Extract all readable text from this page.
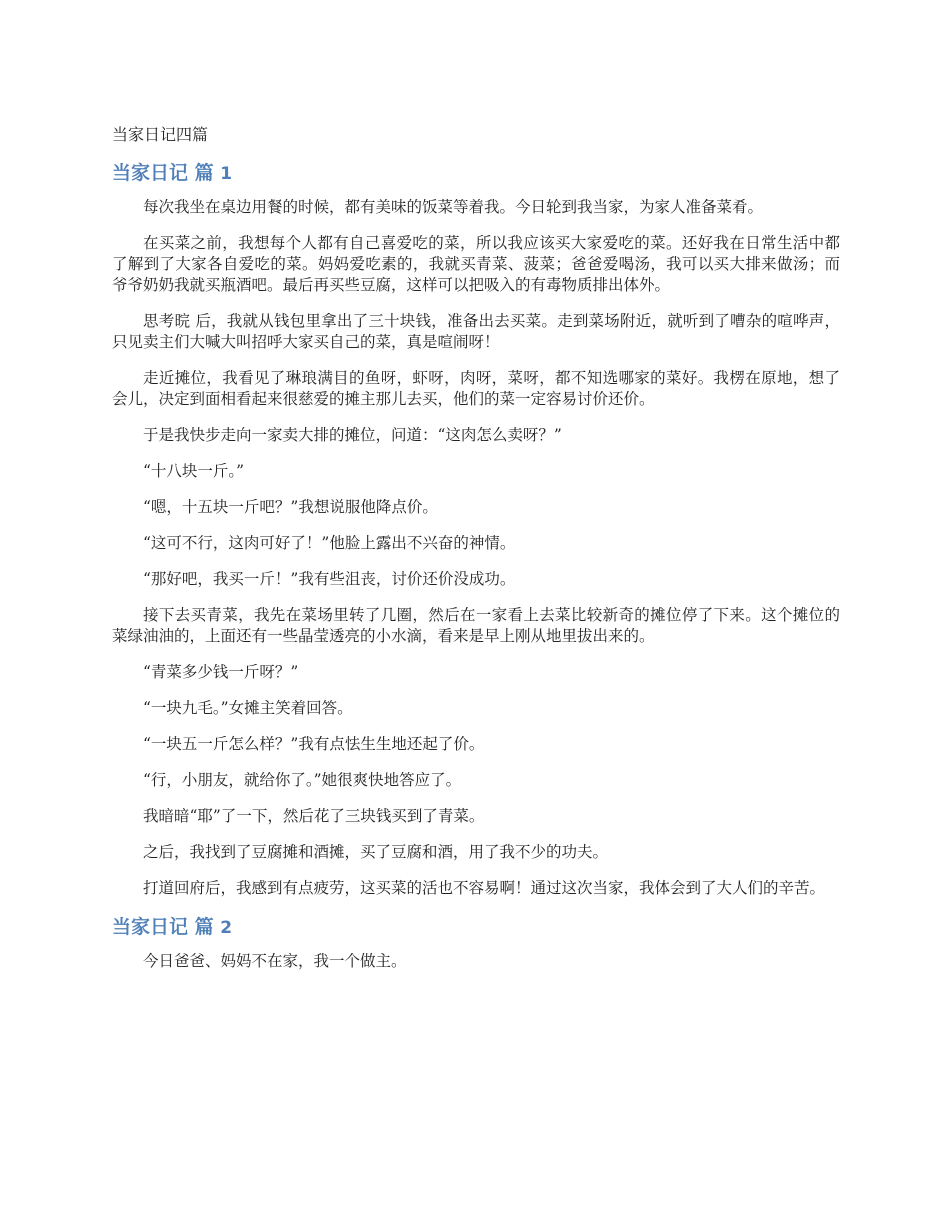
当家日记四篇
当家日记 篇 1

每次我坐在桌边用餐的时候，都有美味的饭菜等着我。今日轮到我当家，为家人准备菜肴。

在买菜之前，我想每个人都有自己喜爱吃的菜，所以我应该买大家爱吃的菜。还好我在日常生活中都了解到了大家各自爱吃的菜。妈妈爱吃素的，我就买青菜、菠菜；爸爸爱喝汤，我可以买大排来做汤；而爷爷奶奶我就买瓶酒吧。最后再买些豆腐，这样可以把吸入的有毒物质排出体外。

思考晥 后，我就从钱包里拿出了三十块钱，准备出去买菜。走到菜场附近，就听到了嘈杂的喧哗声，只见卖主们大喊大叫招呼大家买自己的菜，真是喧闹呀！

走近摊位，我看见了琳琅满目的鱼呀，虾呀，肉呀，菜呀，都不知选哪家的菜好。我楞在原地，想了会儿，决定到面相看起来很慈爱的摊主那儿去买，他们的菜一定容易讨价还价。

于是我快步走向一家卖大排的摊位，问道：“这肉怎么卖呀？”

“十八块一斤。”

“嗯，十五块一斤吧？”我想说服他降点价。

“这可不行，这肉可好了！”他脸上露出不兴奋的神情。

“那好吧，我买一斤！”我有些沮丧，讨价还价没成功。

接下去买青菜，我先在菜场里转了几圈，然后在一家看上去菜比较新奇的摊位停了下来。这个摊位的菜绿油油的，上面还有一些晶莹透亮的小水滴，看来是早上刚从地里拔出来的。

“青菜多少钱一斤呀？”

“一块九毛。”女摊主笑着回答。

“一块五一斤怎么样？”我有点怯生生地还起了价。

“行，小朋友，就给你了。”她很爽快地答应了。

我暗暗“耶”了一下，然后花了三块钱买到了青菜。

之后，我找到了豆腐摊和酒摊，买了豆腐和酒，用了我不少的功夫。

打道回府后，我感到有点疲劳，这买菜的活也不容易啊！通过这次当家，我体会到了大人们的辛苦。

当家日记 篇 2

今日爸爸、妈妈不在家，我一个做主。
